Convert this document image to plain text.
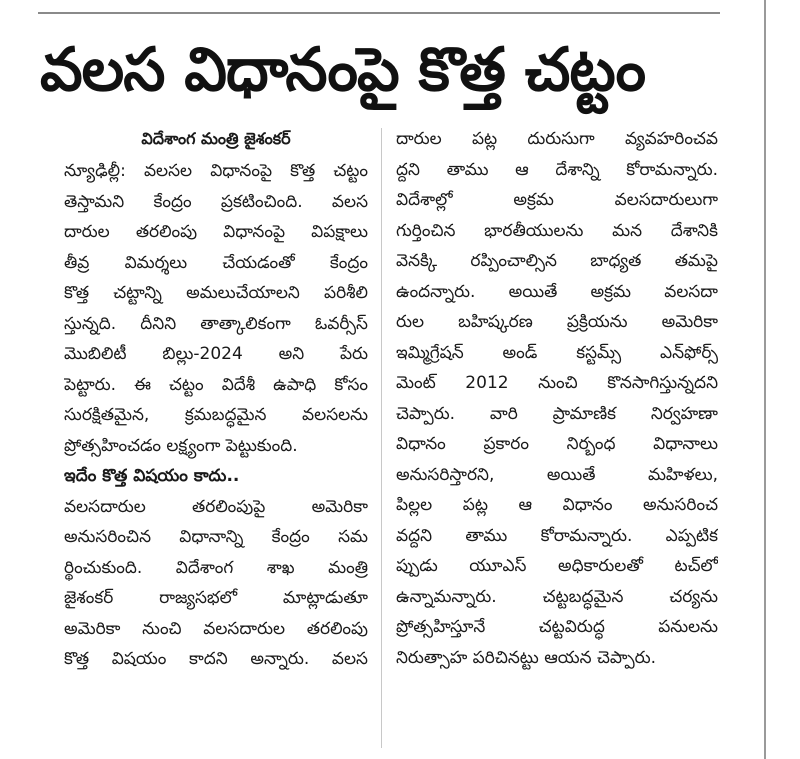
వలస విధానంపై కొత్త చట్టం
విదేశాంగ మంత్రి జైశంకర్
న్యూఢిల్లీ: వలసల విధానంపై కొత్త చట్టం
తెస్తామని కేంద్రం ప్రకటించింది. వలస
దారుల తరలింపు విధానంపై విపక్షాలు
తీవ్ర విమర్శలు చేయడంతో కేంద్రం
కొత్త చట్టాన్ని అమలుచేయాలని పరిశీలి
స్తున్నది. దీనిని తాత్కాలికంగా ఓవర్సీస్
మొబిలిటీ బిల్లు-2024 అని పేరు
పెట్టారు. ఈ చట్టం విదేశీ ఉపాధి కోసం
సురక్షితమైన, క్రమబద్ధమైన వలసలను
ప్రోత్సహించడం లక్ష్యంగా పెట్టుకుంది.
ఇదేం కొత్త విషయం కాదు..
వలసదారుల తరలింపుపై అమెరికా
అనుసరించిన విధానాన్ని కేంద్రం సమ
ర్థించుకుంది. విదేశాంగ శాఖ మంత్రి
జైశంకర్ రాజ్యసభలో మాట్లాడుతూ
అమెరికా నుంచి వలసదారుల తరలింపు
కొత్త విషయం కాదని అన్నారు. వలస
దారుల పట్ల దురుసుగా వ్యవహరించవ
ద్దని తాము ఆ దేశాన్ని కోరామన్నారు.
విదేశాల్లో అక్రమ వలసదారులుగా
గుర్తించిన భారతీయులను మన దేశానికి
వెనక్కి రప్పించాల్సిన బాధ్యత తమపై
ఉందన్నారు. అయితే అక్రమ వలసదా
రుల బహిష్కరణ ప్రక్రియను అమెరికా
ఇమ్మిగ్రేషన్ అండ్ కస్టమ్స్ ఎన్‌ఫోర్స్
మెంట్ 2012 నుంచి కొనసాగిస్తున్నదని
చెప్పారు. వారి ప్రామాణిక నిర్వహణా
విధానం ప్రకారం నిర్బంధ విధానాలు
అనుసరిస్తారని, అయితే మహిళలు,
పిల్లల పట్ల ఆ విధానం అనుసరించ
వద్దని తాము కోరామన్నారు. ఎప్పటిక
ప్పుడు యూఎస్ అధికారులతో టచ్‌లో
ఉన్నామన్నారు. చట్టబద్ధమైన చర్యను
ప్రోత్సహిస్తూనే చట్టవిరుద్ధ పనులను
నిరుత్సాహ పరిచినట్టు ఆయన చెప్పారు.
